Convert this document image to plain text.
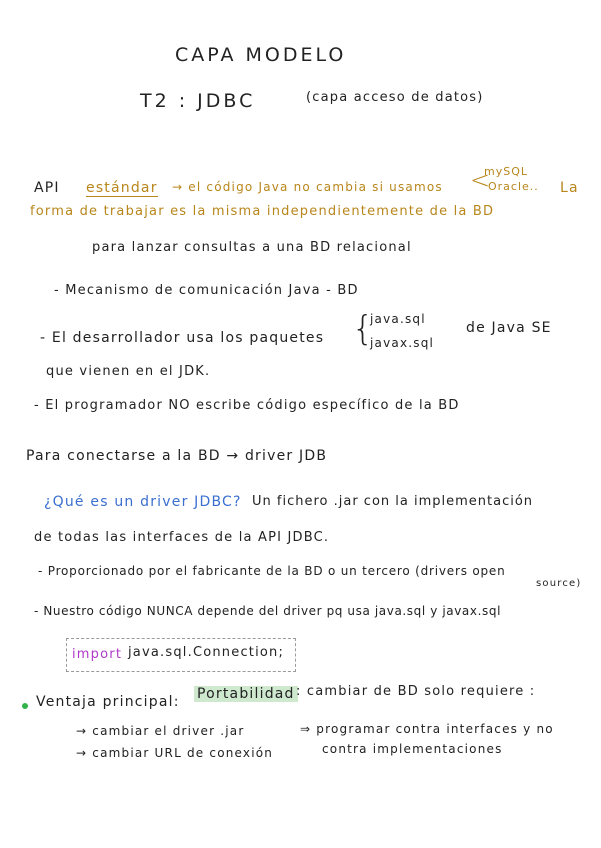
CAPA MODELO
T2 : JDBC	(capa acceso de datos)
API estándar → el código Java no cambia si usamos <
mySQL
Oracle.. La
forma de trabajar es la misma independientemente de la BD
para lanzar consultas a una BD relacional
- Mecanismo de comunicación Java - BD
- El desarrollador usa los paquetes {
java.sql
javax.sql
de Java SE
que vienen en el JDK.
- El programador NO escribe código específico de la BD
Para conectarse a la BD → driver JDB
¿Qué es un driver JDBC? Un fichero .jar con la implementación
de todas las interfaces de la API JDBC.
- Proporcionado por el fabricante de la BD o un tercero (drivers open
source)
- Nuestro código NUNCA depende del driver pq usa java.sql y javax.sql
import java.sql.Connection;
Ventaja principal: Portabilidad : cambiar de BD solo requiere :
→ cambiar el driver .jar
→ cambiar URL de conexión
⇒ programar contra interfaces y no
contra implementaciones
